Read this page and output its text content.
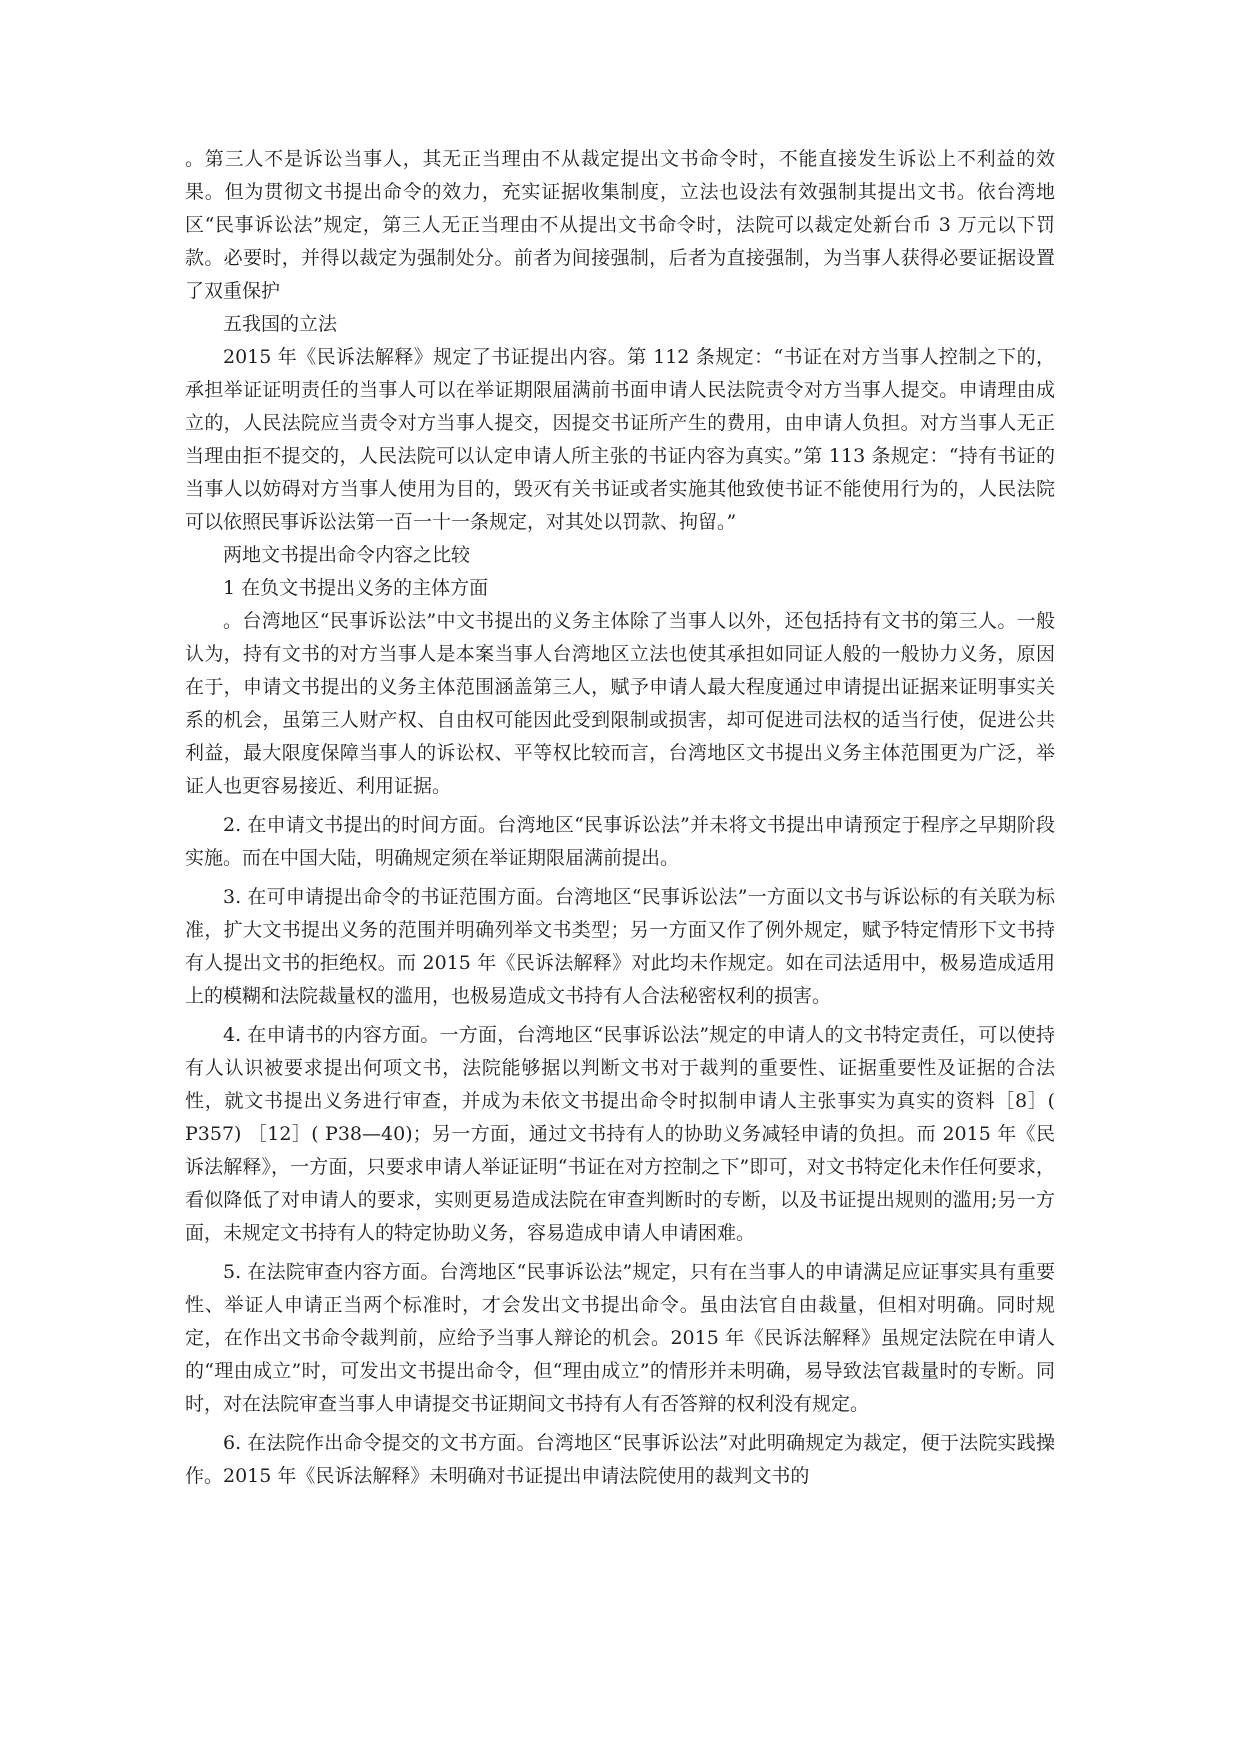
。第三人不是诉讼当事人，其无正当理由不从裁定提出文书命令时，不能直接发生诉讼上不利益的效果。但为贯彻文书提出命令的效力，充实证据收集制度，立法也设法有效强制其提出文书。依台湾地区“民事诉讼法”规定，第三人无正当理由不从提出文书命令时，法院可以裁定处新台币 3 万元以下罚款。必要时，并得以裁定为强制处分。前者为间接强制，后者为直接强制，为当事人获得必要证据设置了双重保护

五我国的立法

2015 年《民诉法解释》规定了书证提出内容。第 112 条规定：“书证在对方当事人控制之下的，承担举证证明责任的当事人可以在举证期限届满前书面申请人民法院责令对方当事人提交。申请理由成立的，人民法院应当责令对方当事人提交，因提交书证所产生的费用，由申请人负担。对方当事人无正当理由拒不提交的，人民法院可以认定申请人所主张的书证内容为真实。”第 113 条规定：“持有书证的当事人以妨碍对方当事人使用为目的，毁灭有关书证或者实施其他致使书证不能使用行为的，人民法院可以依照民事诉讼法第一百一十一条规定，对其处以罚款、拘留。”

两地文书提出命令内容之比较

1 在负文书提出义务的主体方面

。台湾地区“民事诉讼法”中文书提出的义务主体除了当事人以外，还包括持有文书的第三人。一般认为，持有文书的对方当事人是本案当事人台湾地区立法也使其承担如同证人般的一般协力义务，原因在于，申请文书提出的义务主体范围涵盖第三人，赋予申请人最大程度通过申请提出证据来证明事实关系的机会，虽第三人财产权、自由权可能因此受到限制或损害，却可促进司法权的适当行使，促进公共利益，最大限度保障当事人的诉讼权、平等权比较而言，台湾地区文书提出义务主体范围更为广泛，举证人也更容易接近、利用证据。

2. 在申请文书提出的时间方面。台湾地区“民事诉讼法”并未将文书提出申请预定于程序之早期阶段实施。而在中国大陆，明确规定须在举证期限届满前提出。

3. 在可申请提出命令的书证范围方面。台湾地区“民事诉讼法”一方面以文书与诉讼标的有关联为标准，扩大文书提出义务的范围并明确列举文书类型；另一方面又作了例外规定，赋予特定情形下文书持有人提出文书的拒绝权。而 2015 年《民诉法解释》对此均未作规定。如在司法适用中，极易造成适用上的模糊和法院裁量权的滥用，也极易造成文书持有人合法秘密权利的损害。

4. 在申请书的内容方面。一方面，台湾地区“民事诉讼法”规定的申请人的文书特定责任，可以使持有人认识被要求提出何项文书，法院能够据以判断文书对于裁判的重要性、证据重要性及证据的合法性，就文书提出义务进行审查，并成为未依文书提出命令时拟制申请人主张事实为真实的资料［8］( P357) ［12］( P38—40)；另一方面，通过文书持有人的协助义务减轻申请的负担。而 2015 年《民诉法解释》，一方面，只要求申请人举证证明“书证在对方控制之下”即可，对文书特定化未作任何要求，看似降低了对申请人的要求，实则更易造成法院在审查判断时的专断，以及书证提出规则的滥用;另一方面，未规定文书持有人的特定协助义务，容易造成申请人申请困难。

5. 在法院审查内容方面。台湾地区“民事诉讼法”规定，只有在当事人的申请满足应证事实具有重要性、举证人申请正当两个标准时，才会发出文书提出命令。虽由法官自由裁量，但相对明确。同时规定，在作出文书命令裁判前，应给予当事人辩论的机会。2015 年《民诉法解释》虽规定法院在申请人的“理由成立”时，可发出文书提出命令，但“理由成立”的情形并未明确，易导致法官裁量时的专断。同时，对在法院审查当事人申请提交书证期间文书持有人有否答辩的权利没有规定。

6. 在法院作出命令提交的文书方面。台湾地区“民事诉讼法”对此明确规定为裁定，便于法院实践操作。2015 年《民诉法解释》未明确对书证提出申请法院使用的裁判文书的
